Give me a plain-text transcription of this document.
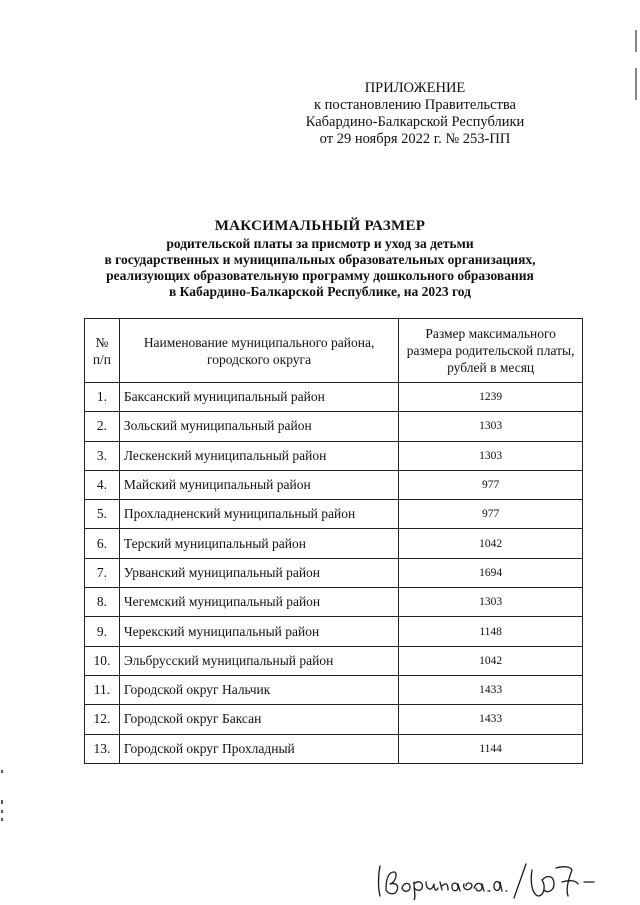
ПРИЛОЖЕНИЕ
к постановлению Правительства
Кабардино-Балкарской Республики
от 29 ноября 2022 г. № 253-ПП
МАКСИМАЛЬНЫЙ РАЗМЕР
родительской платы за присмотр и уход за детьми
в государственных и муниципальных образовательных организациях,
реализующих образовательную программу дошкольного образования
в Кабардино-Балкарской Республике, на 2023 год
№ п/п	Наименование муниципального района, городского округа	Размер максимального размера родительской платы, рублей в месяц
1.	Баксанский муниципальный район	1239
2.	Зольский муниципальный район	1303
3.	Лескенский муниципальный район	1303
4.	Майский муниципальный район	977
5.	Прохладненский муниципальный район	977
6.	Терский муниципальный район	1042
7.	Урванский муниципальный район	1694
8.	Чегемский муниципальный район	1303
9.	Черекский муниципальный район	1148
10.	Эльбрусский муниципальный район	1042
11.	Городской округ Нальчик	1433
12.	Городской округ Баксан	1433
13.	Городской округ Прохладный	1144
